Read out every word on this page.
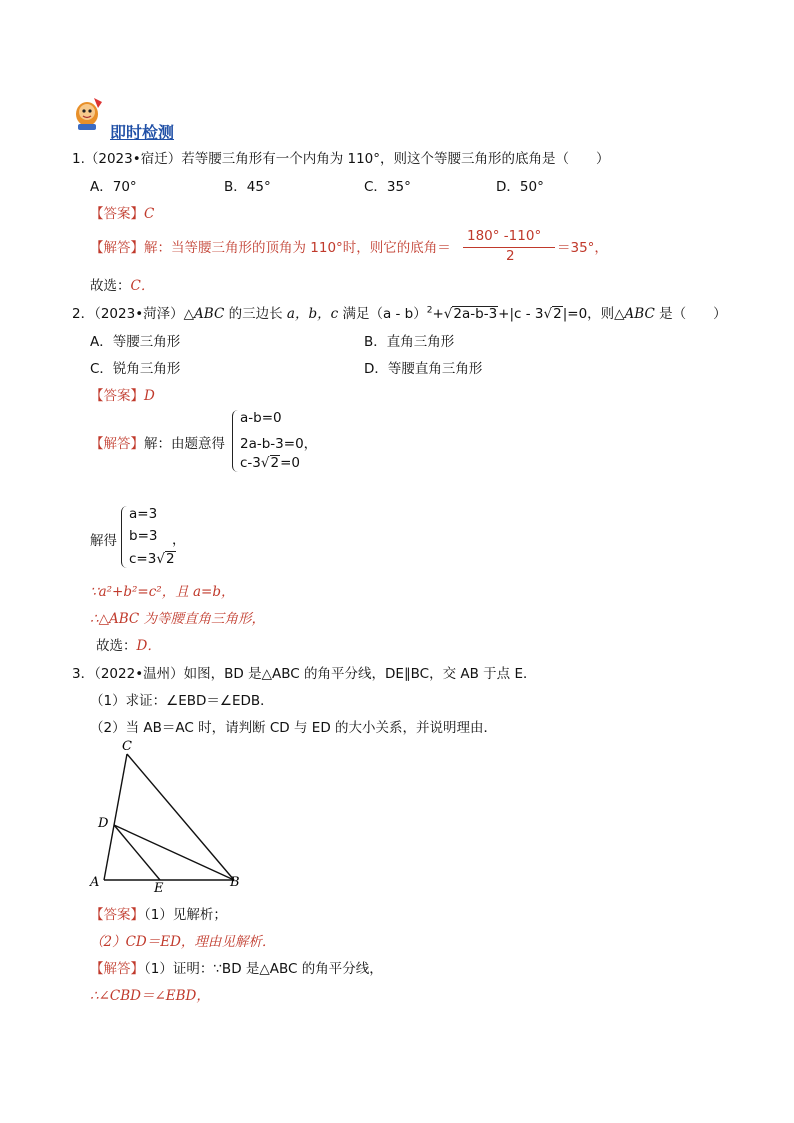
即时检测
1.（2023•宿迁）若等腰三角形有一个内角为 110°，则这个等腰三角形的底角是（　　）
A．70°	B．45°	C．35°	D．50°
【答案】C
【解答】解：当等腰三角形的顶角为 110°时，则它的底角＝
180° -110°
2	＝35°，
故选：C．
2．（2023•菏泽）△ABC 的三边长 a，b，c 满足（a - b）$^2$+√2a-b-3+|c - 3√2|=0，则△ABC 是（　　）
A．等腰三角形	B．直角三角形
C．锐角三角形	D．等腰直角三角形
【答案】D
【解答】解：由题意得
a-b=0
2a-b-3=0，
c-3√2=0
解得
a=3
b=3 ，
c=3√2
∵a²+b²=c²，且 a=b，
∴△ABC 为等腰直角三角形，
故选：D．
3．（2022•温州）如图，BD 是△ABC 的角平分线，DE∥BC，交 AB 于点 E．
（1）求证：∠EBD＝∠EDB．
（2）当 AB＝AC 时，请判断 CD 与 ED 的大小关系，并说明理由．
C
D
A	E	B
【答案】（1）见解析；
（2）CD＝ED，理由见解析．
【解答】（1）证明：∵BD 是△ABC 的角平分线，
∴∠CBD＝∠EBD，
